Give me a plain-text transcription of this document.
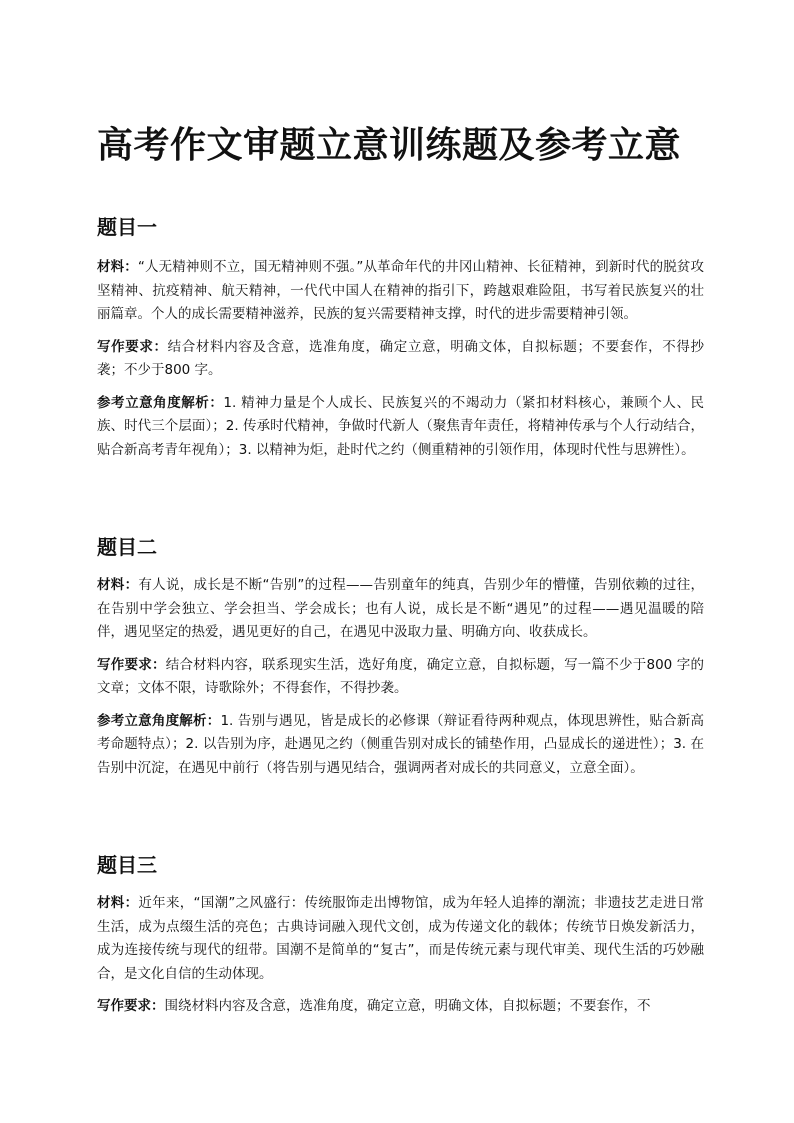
高考作文审题立意训练题及参考立意
题目一

材料：“人无精神则不立，国无精神则不强。”从革命年代的井冈山精神、长征精神，到新时代的脱贫攻坚精神、抗疫精神、航天精神，一代代中国人在精神的指引下，跨越艰难险阻，书写着民族复兴的壮丽篇章。个人的成长需要精神滋养，民族的复兴需要精神支撑，时代的进步需要精神引领。

写作要求：结合材料内容及含意，选准角度，确定立意，明确文体，自拟标题；不要套作，不得抄袭；不少于800 字。

参考立意角度解析：1. 精神力量是个人成长、民族复兴的不竭动力（紧扣材料核心，兼顾个人、民族、时代三个层面）；2. 传承时代精神，争做时代新人（聚焦青年责任，将精神传承与个人行动结合，贴合新高考青年视角）；3. 以精神为炬，赴时代之约（侧重精神的引领作用，体现时代性与思辨性）。

题目二

材料：有人说，成长是不断“告别”的过程——告别童年的纯真，告别少年的懵懂，告别依赖的过往，在告别中学会独立、学会担当、学会成长；也有人说，成长是不断“遇见”的过程——遇见温暖的陪伴，遇见坚定的热爱，遇见更好的自己，在遇见中汲取力量、明确方向、收获成长。

写作要求：结合材料内容，联系现实生活，选好角度，确定立意，自拟标题，写一篇不少于800 字的文章；文体不限，诗歌除外；不得套作，不得抄袭。

参考立意角度解析：1. 告别与遇见，皆是成长的必修课（辩证看待两种观点，体现思辨性，贴合新高考命题特点）；2. 以告别为序，赴遇见之约（侧重告别对成长的铺垫作用，凸显成长的递进性）；3. 在告别中沉淀，在遇见中前行（将告别与遇见结合，强调两者对成长的共同意义，立意全面）。

题目三

材料：近年来，“国潮”之风盛行：传统服饰走出博物馆，成为年轻人追捧的潮流；非遗技艺走进日常生活，成为点缀生活的亮色；古典诗词融入现代文创，成为传递文化的载体；传统节日焕发新活力，成为连接传统与现代的纽带。国潮不是简单的“复古”，而是传统元素与现代审美、现代生活的巧妙融合，是文化自信的生动体现。

写作要求：围绕材料内容及含意，选准角度，确定立意，明确文体，自拟标题；不要套作，不
